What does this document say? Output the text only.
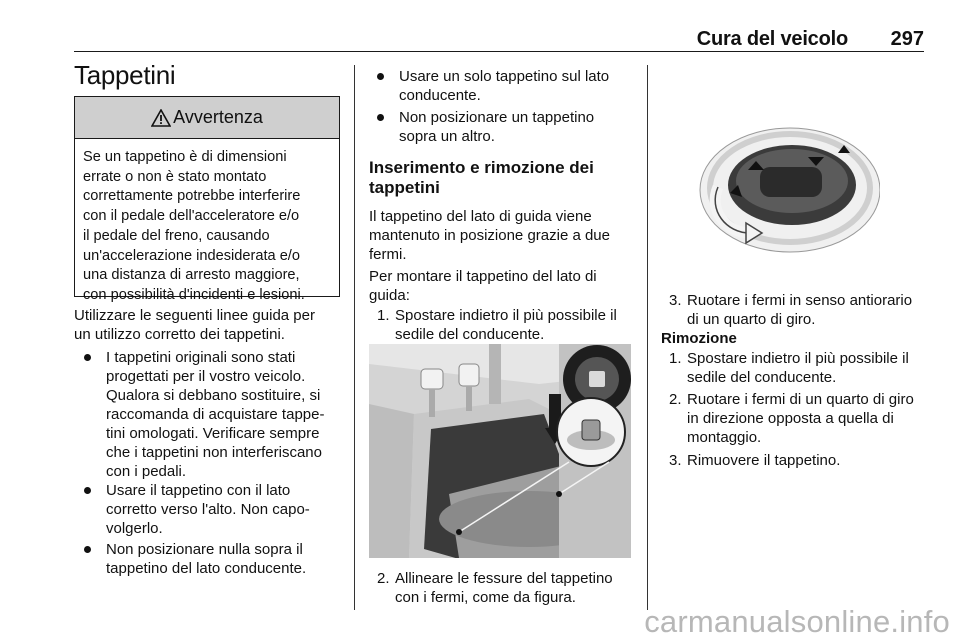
Cura del veicolo 297
Tappetini
Avvertenza
Se un tappetino è di dimensioni
errate o non è stato montato
correttamente potrebbe interferire
con il pedale dell'acceleratore e/o
il pedale del freno, causando
un'accelerazione indesiderata e/o
una distanza di arresto maggiore,
con possibilità d'incidenti e lesioni.
Utilizzare le seguenti linee guida per
un utilizzo corretto dei tappetini.
I tappetini originali sono stati
progettati per il vostro veicolo.
Qualora si debbano sostituire, si
raccomanda di acquistare tappe-
tini omologati. Verificare sempre
che i tappetini non interferiscano
con i pedali.
Usare il tappetino con il lato
corretto verso l'alto. Non capo-
volgerlo.
Non posizionare nulla sopra il
tappetino del lato conducente.
Usare un solo tappetino sul lato
conducente.
Non posizionare un tappetino
sopra un altro.
Inserimento e rimozione dei
tappetini
Il tappetino del lato di guida viene
mantenuto in posizione grazie a due
fermi.
Per montare il tappetino del lato di
guida:
1. Spostare indietro il più possibile il
sedile del conducente.
2. Allineare le fessure del tappetino
con i fermi, come da figura.
3. Ruotare i fermi in senso antiorario
di un quarto di giro.
Rimozione
1. Spostare indietro il più possibile il
sedile del conducente.
2. Ruotare i fermi di un quarto di giro
in direzione opposta a quella di
montaggio.
3. Rimuovere il tappetino.
carmanualsonline.info
